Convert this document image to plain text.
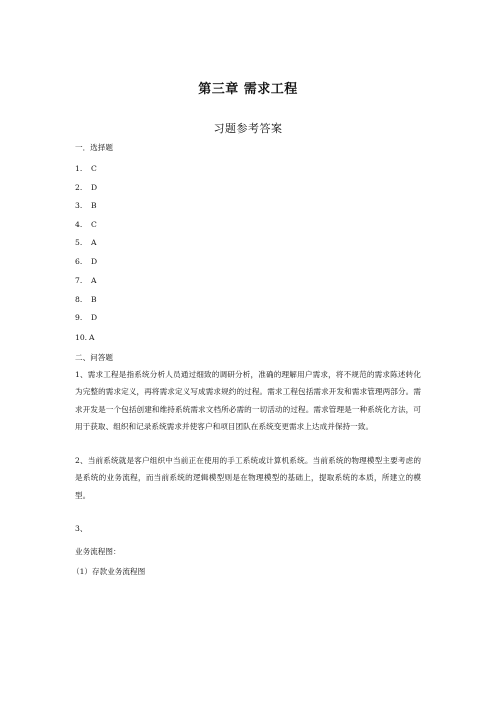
第三章 需求工程
习题参考答案
一．选择题
1. C
2. D
3. B
4. C
5. A
6. D
7. A
8. B
9. D
10. A
二、问答题
1、需求工程是指系统分析人员通过细致的调研分析，准确的理解用户需求，将不规范的需求陈述转化为完整的需求定义，再将需求定义写成需求规约的过程。需求工程包括需求开发和需求管理两部分。需求开发是一个包括创建和维持系统需求文档所必需的一切活动的过程。需求管理是一种系统化方法，可用于获取、组织和记录系统需求并使客户和项目团队在系统变更需求上达成并保持一致。
2、当前系统就是客户组织中当前正在使用的手工系统或计算机系统。当前系统的物理模型主要考虑的是系统的业务流程，而当前系统的逻辑模型则是在物理模型的基础上，提取系统的本质，所建立的模型。
3、
业务流程图：
（1）存款业务流程图
